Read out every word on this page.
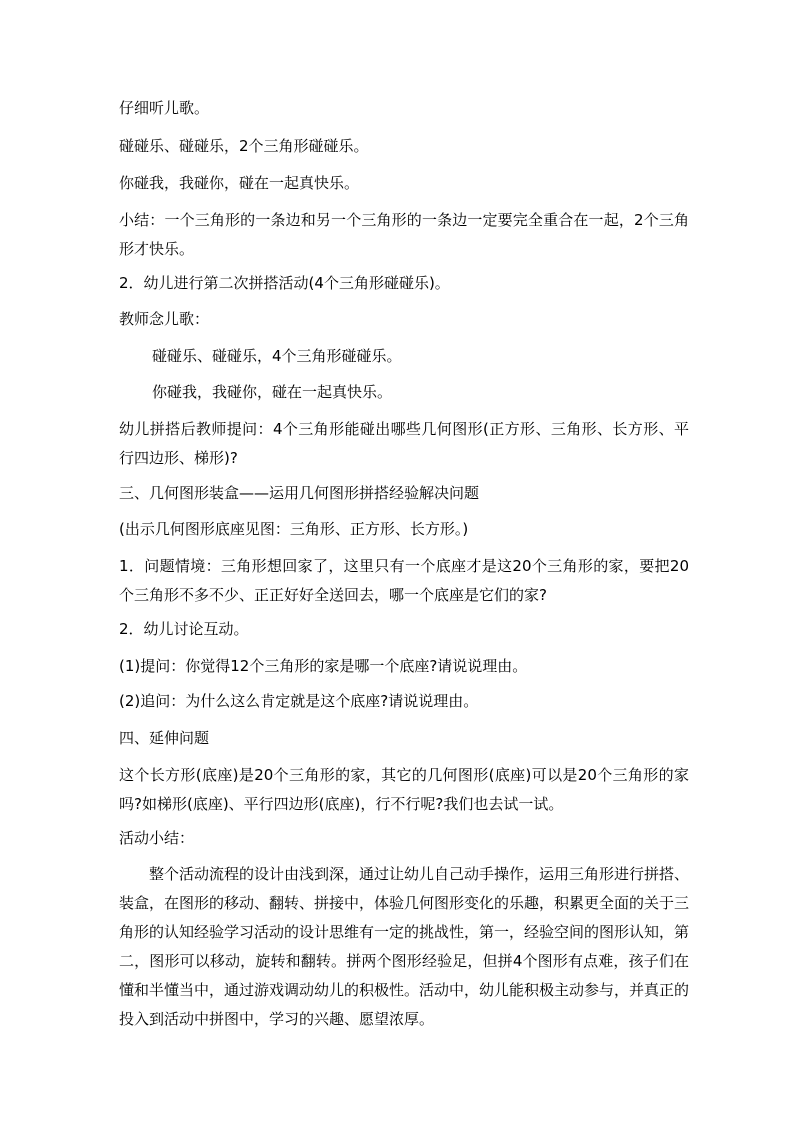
仔细听儿歌。

碰碰乐、碰碰乐，2个三角形碰碰乐。

你碰我，我碰你，碰在一起真快乐。

小结：一个三角形的一条边和另一个三角形的一条边一定要完全重合在一起，2个三角形才快乐。

2．幼儿进行第二次拼搭活动(4个三角形碰碰乐)。

教师念儿歌：

碰碰乐、碰碰乐，4个三角形碰碰乐。

你碰我，我碰你，碰在一起真快乐。

幼儿拼搭后教师提问：4个三角形能碰出哪些几何图形(正方形、三角形、长方形、平行四边形、梯形)?

三、几何图形装盒——运用几何图形拼搭经验解决问题

(出示几何图形底座见图：三角形、正方形、长方形。)

1．问题情境：三角形想回家了，这里只有一个底座才是这20个三角形的家，要把20个三角形不多不少、正正好好全送回去，哪一个底座是它们的家?

2．幼儿讨论互动。

(1)提问：你觉得12个三角形的家是哪一个底座?请说说理由。

(2)追问：为什么这么肯定就是这个底座?请说说理由。

四、延伸问题

这个长方形(底座)是20个三角形的家，其它的几何图形(底座)可以是20个三角形的家吗?如梯形(底座)、平行四边形(底座)，行不行呢?我们也去试一试。

活动小结：

整个活动流程的设计由浅到深，通过让幼儿自己动手操作，运用三角形进行拼搭、装盒，在图形的移动、翻转、拼接中，体验几何图形变化的乐趣，积累更全面的关于三角形的认知经验学习活动的设计思维有一定的挑战性，第一，经验空间的图形认知，第二，图形可以移动，旋转和翻转。拼两个图形经验足，但拼4个图形有点难，孩子们在懂和半懂当中，通过游戏调动幼儿的积极性。活动中，幼儿能积极主动参与，并真正的投入到活动中拼图中，学习的兴趣、愿望浓厚。
